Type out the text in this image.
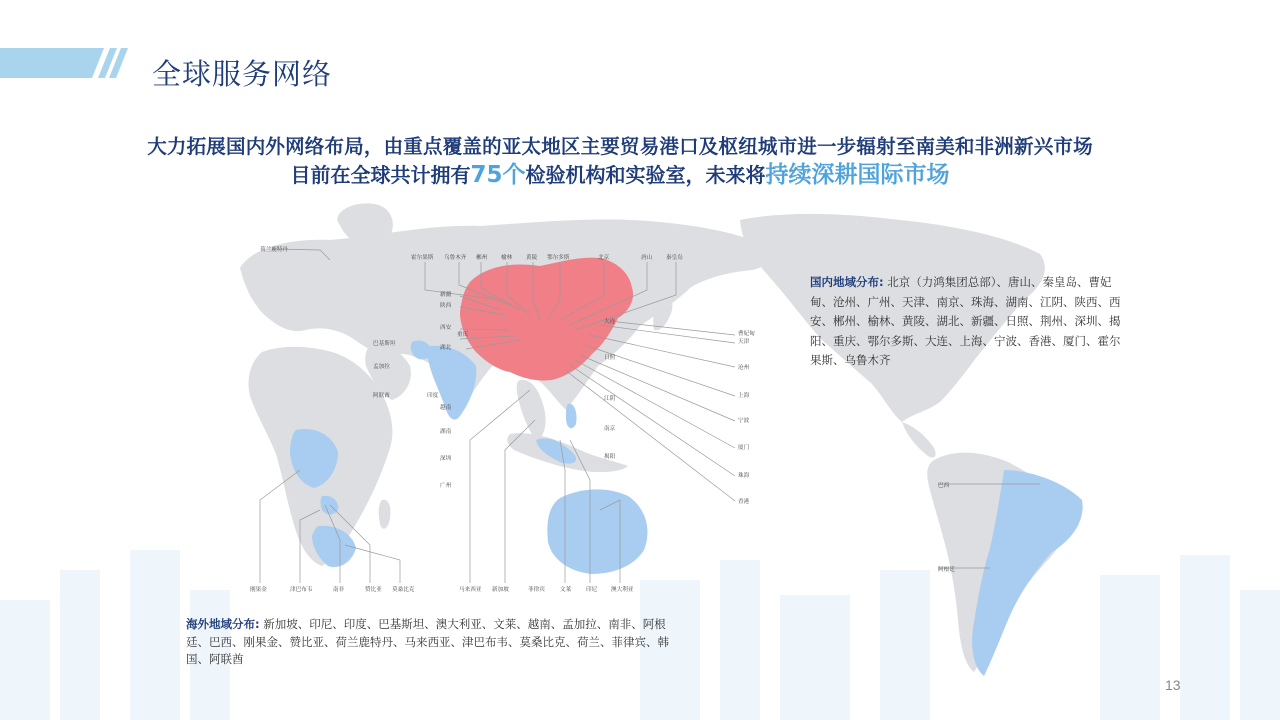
全球服务网络
大力拓展国内外网络布局，由重点覆盖的亚太地区主要贸易港口及枢纽城市进一步辐射至南美和非洲新兴市场
目前在全球共计拥有75个检验机构和实验室，未来将持续深耕国际市场
荷兰鹿特丹
霍尔果斯 乌鲁木齐 郴州 榆林 黄陵 鄂尔多斯	北京	唐山 秦皇岛
新疆
陕西
西安
重庆
湖北
大连
曹妃甸
天津
日照
沧州
上海
江阴
宁波
南京
厦门
揭阳
珠海
香港
巴基斯坦
孟加拉
阿联酋	印度
越南
湖南
广州
深圳
刚果金	津巴布韦	南非	赞比亚 莫桑比克	马来西亚 新加坡	菲律宾	文莱	印尼 澳大利亚
巴西
阿根廷
国内地域分布: 北京（力鸿集团总部）、唐山、秦皇岛、曹妃甸、沧州、广州、天津、南京、珠海、湖南、江阴、陕西、西安、郴州、榆林、黄陵、湖北、新疆、日照、荆州、深圳、揭阳、重庆、鄂尔多斯、大连、上海、宁波、香港、厦门、霍尔果斯、乌鲁木齐
海外地域分布: 新加坡、印尼、印度、巴基斯坦、澳大利亚、文莱、越南、孟加拉、南非、阿根廷、巴西、刚果金、赞比亚、荷兰鹿特丹、马来西亚、津巴布韦、莫桑比克、荷兰、菲律宾、韩国、阿联酋
13
